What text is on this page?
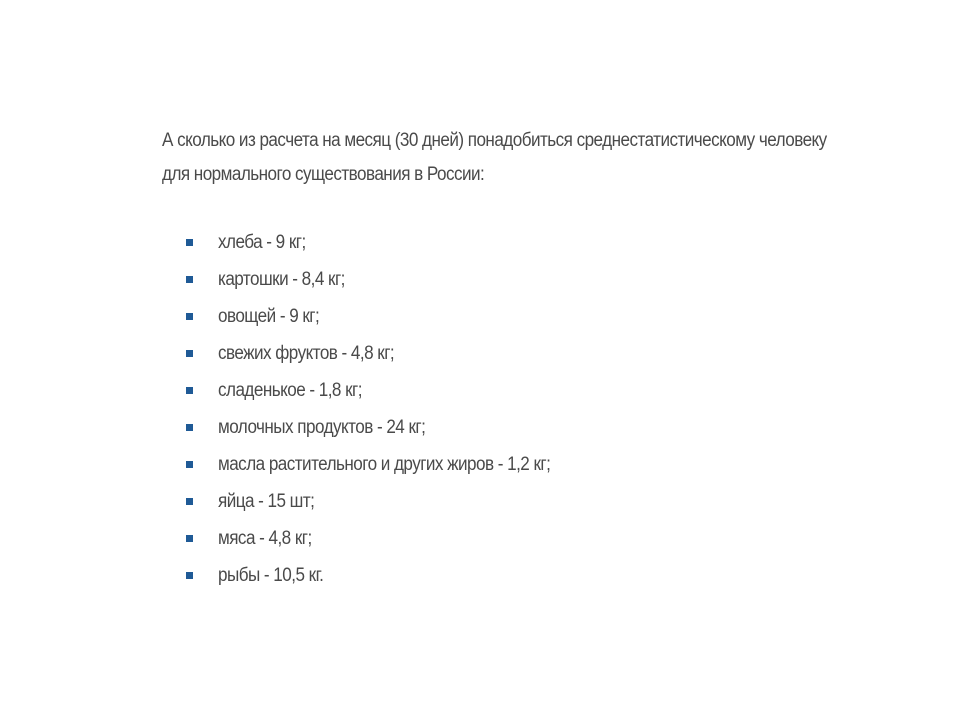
А сколько из расчета на месяц (30 дней) понадобиться среднестатистическому человеку
для нормального существования в России:

хлеба - 9 кг;
картошки - 8,4 кг;
овощей - 9 кг;
свежих фруктов - 4,8 кг;
сладенькое - 1,8 кг;
молочных продуктов - 24 кг;
масла растительного и других жиров - 1,2 кг;
яйца - 15 шт;
мяса - 4,8 кг;
рыбы - 10,5 кг.
